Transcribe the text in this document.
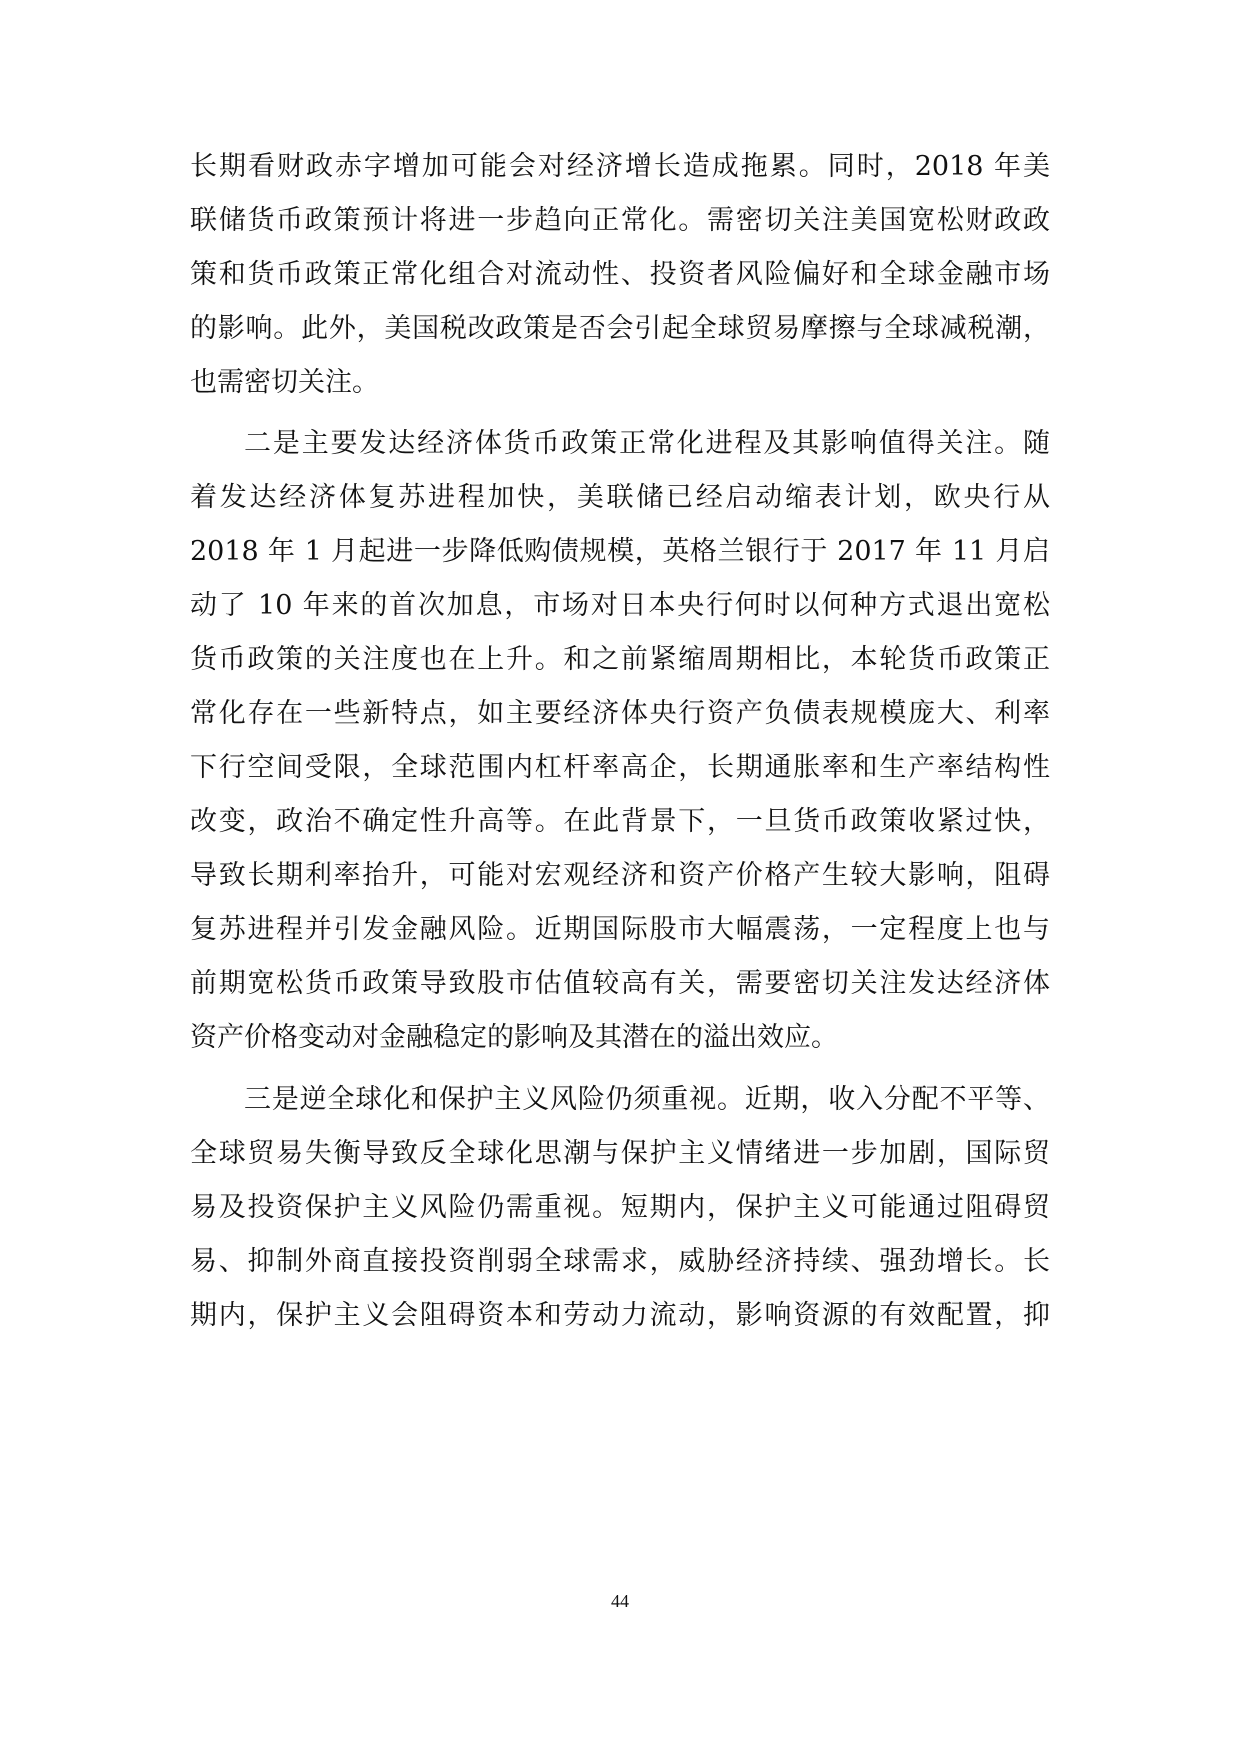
长期看财政赤字增加可能会对经济增长造成拖累。同时，2018 年美
联储货币政策预计将进一步趋向正常化。需密切关注美国宽松财政政
策和货币政策正常化组合对流动性、投资者风险偏好和全球金融市场
的影响。此外，美国税改政策是否会引起全球贸易摩擦与全球减税潮，
也需密切关注。
二是主要发达经济体货币政策正常化进程及其影响值得关注。随
着发达经济体复苏进程加快，美联储已经启动缩表计划，欧央行从
2018 年 1 月起进一步降低购债规模，英格兰银行于 2017 年 11 月启
动了 10 年来的首次加息，市场对日本央行何时以何种方式退出宽松
货币政策的关注度也在上升。和之前紧缩周期相比，本轮货币政策正
常化存在一些新特点，如主要经济体央行资产负债表规模庞大、利率
下行空间受限，全球范围内杠杆率高企，长期通胀率和生产率结构性
改变，政治不确定性升高等。在此背景下，一旦货币政策收紧过快，
导致长期利率抬升，可能对宏观经济和资产价格产生较大影响，阻碍
复苏进程并引发金融风险。近期国际股市大幅震荡，一定程度上也与
前期宽松货币政策导致股市估值较高有关，需要密切关注发达经济体
资产价格变动对金融稳定的影响及其潜在的溢出效应。
三是逆全球化和保护主义风险仍须重视。近期，收入分配不平等、
全球贸易失衡导致反全球化思潮与保护主义情绪进一步加剧，国际贸
易及投资保护主义风险仍需重视。短期内，保护主义可能通过阻碍贸
易、抑制外商直接投资削弱全球需求，威胁经济持续、强劲增长。长
期内，保护主义会阻碍资本和劳动力流动，影响资源的有效配置，抑
44
